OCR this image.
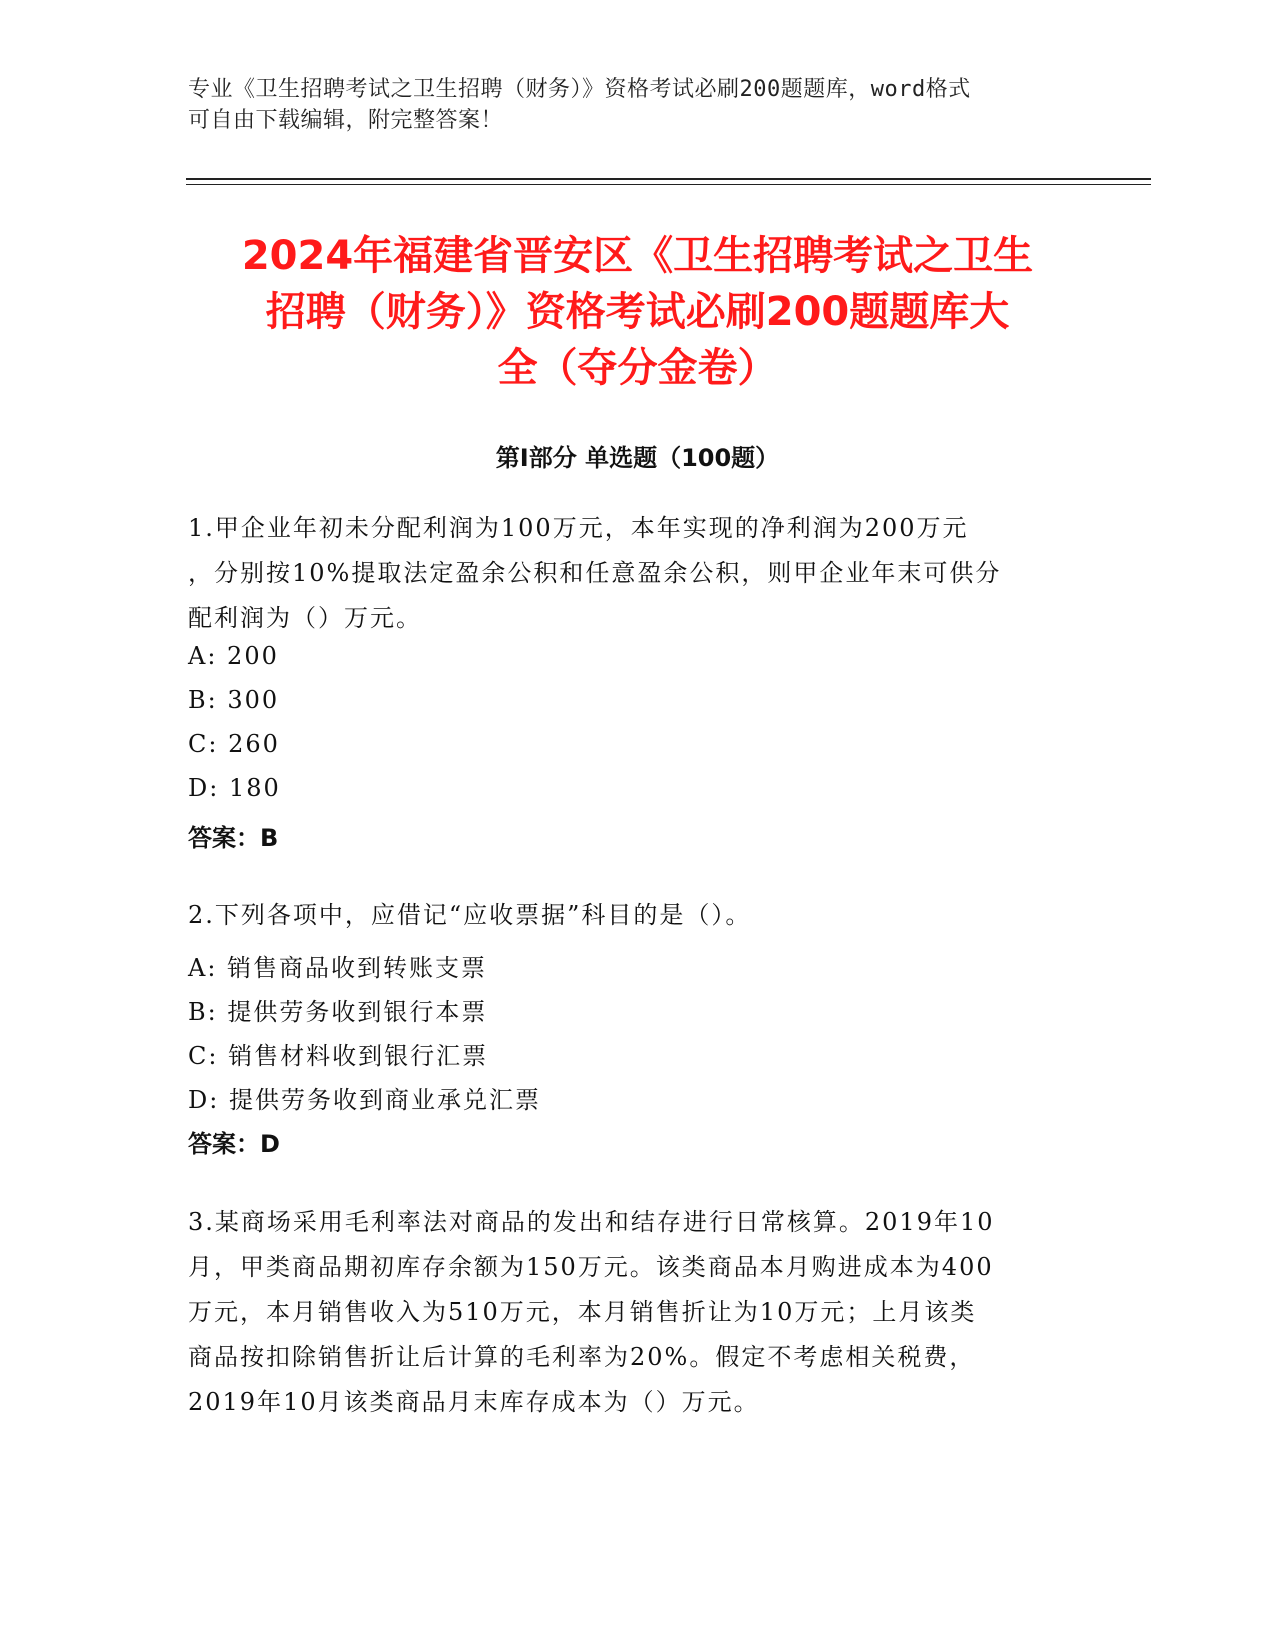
专业《卫生招聘考试之卫生招聘（财务）》资格考试必刷200题题库，word格式
可自由下载编辑，附完整答案！
2024年福建省晋安区《卫生招聘考试之卫生
招聘（财务）》资格考试必刷200题题库大
全（夺分金卷）
第Ⅰ部分 单选题（100题）
1.甲企业年初未分配利润为100万元，本年实现的净利润为200万元
，分别按10%提取法定盈余公积和任意盈余公积，则甲企业年末可供分
配利润为（）万元。
A: 200
B: 300
C: 260
D: 180
答案：B
2.下列各项中，应借记“应收票据”科目的是（）。
A: 销售商品收到转账支票
B: 提供劳务收到银行本票
C: 销售材料收到银行汇票
D: 提供劳务收到商业承兑汇票
答案：D
3.某商场采用毛利率法对商品的发出和结存进行日常核算。2019年10
月，甲类商品期初库存余额为150万元。该类商品本月购进成本为400
万元，本月销售收入为510万元，本月销售折让为10万元；上月该类
商品按扣除销售折让后计算的毛利率为20%。假定不考虑相关税费，
2019年10月该类商品月末库存成本为（）万元。
